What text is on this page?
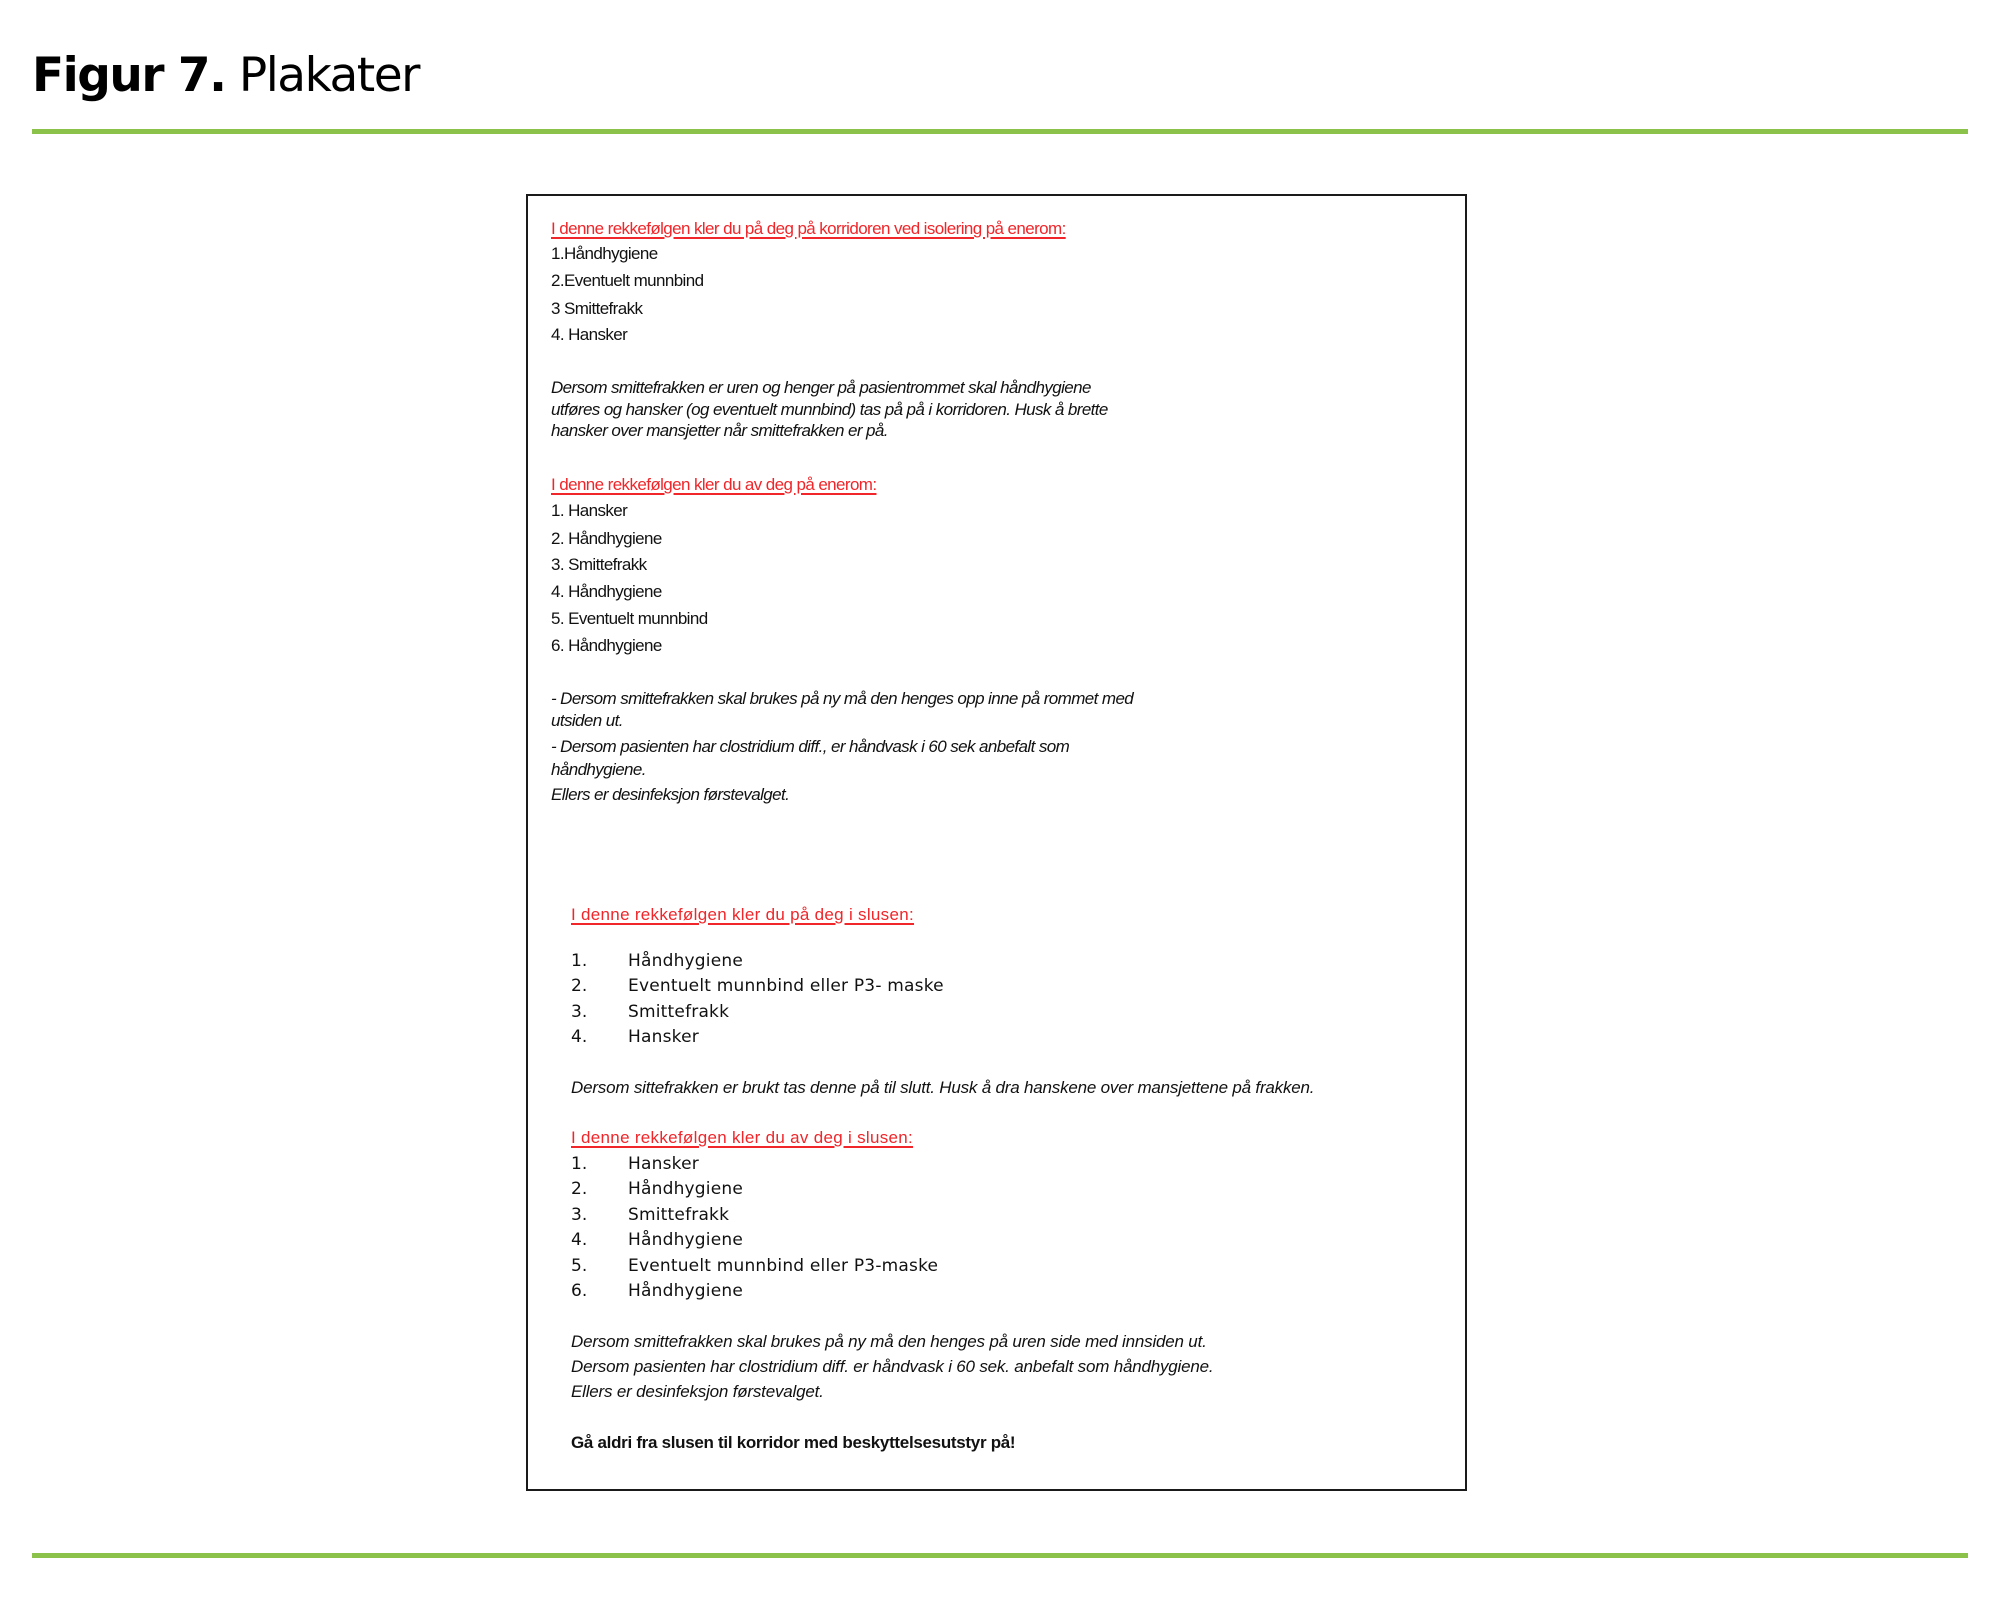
Figur 7. Plakater
I denne rekkefølgen kler du på deg på korridoren ved isolering på enerom:
1.Håndhygiene
2.Eventuelt munnbind
3 Smittefrakk
4. Hansker
Dersom smittefrakken er uren og henger på pasientrommet skal håndhygiene
utføres og hansker (og eventuelt munnbind) tas på på i korridoren. Husk å brette
hansker over mansjetter når smittefrakken er på.
I denne rekkefølgen kler du av deg på enerom:
1. Hansker
2. Håndhygiene
3. Smittefrakk
4. Håndhygiene
5. Eventuelt munnbind
6. Håndhygiene
- Dersom smittefrakken skal brukes på ny må den henges opp inne på rommet med
utsiden ut.
- Dersom pasienten har clostridium diff., er håndvask i 60 sek anbefalt som
håndhygiene.
Ellers er desinfeksjon førstevalget.
I denne rekkefølgen kler du på deg i slusen:
1. Håndhygiene
2. Eventuelt munnbind eller P3- maske
3. Smittefrakk
4. Hansker
Dersom sittefrakken er brukt tas denne på til slutt. Husk å dra hanskene over mansjettene på frakken.
I denne rekkefølgen kler du av deg i slusen:
1. Hansker
2. Håndhygiene
3. Smittefrakk
4. Håndhygiene
5. Eventuelt munnbind eller P3-maske
6. Håndhygiene
Dersom smittefrakken skal brukes på ny må den henges på uren side med innsiden ut.
Dersom pasienten har clostridium diff. er håndvask i 60 sek. anbefalt som håndhygiene.
Ellers er desinfeksjon førstevalget.
Gå aldri fra slusen til korridor med beskyttelsesutstyr på!
